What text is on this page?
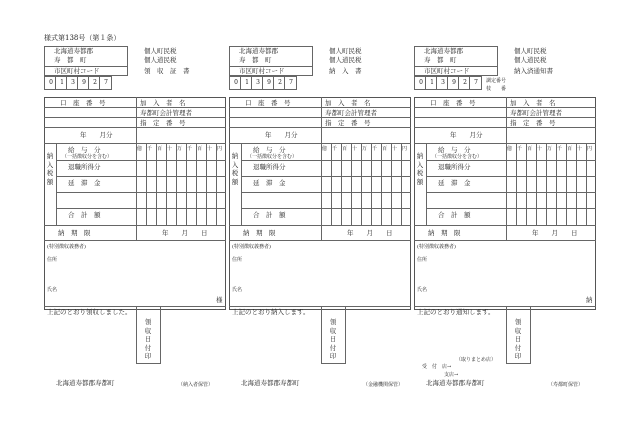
様式第138号（第１条）
北海道寿都郡
寿　都　町
市区町村コード
個人町民税
個人道民税
領　収　証　書
0	1	3	9	2	7
口　座　番　号	加　入　者　名
寿都町会計管理者
指　定　番　号
年　　月分
納入税額
億 千 百 十 万 千 百 十 円
給　与　分
（一括徴収分を含む）
退職所得分
延　滞　金
合　計　額
納　期　限	年　　月　　日
(特別徴収義務者)
住所
氏名
様
上記のとおり領収しました。
領収日付印
北海道寿都郡寿都町	（納入者保管）
北海道寿都郡
寿　都　町
市区町村コード
個人町民税
個人道民税
納　入　書
0	1	3	9	2	7
口　座　番　号	加　入　者　名
寿都町会計管理者
指　定　番　号
年　　月分
納入税額
億 千 百 十 万 千 百 十 円
給　与　分
（一括徴収分を含む）
退職所得分
延　滞　金
合　計　額
納　期　限	年　　月　　日
(特別徴収義務者)
住所
氏名
上記のとおり納入します。
領収日付印
北海道寿都郡寿都町	（金融機関保管）
北海道寿都郡
寿　都　町
市区町村コード
個人町民税
個人道民税
納入済通知書
調定番号
枝　　番
0	1	3	9	2	7
口　座　番　号	加　入　者　名
寿都町会計管理者
指　定　番　号
年　　月分
納入税額
億 千 百 十 万 千 百 十 円
給　与　分
（一括徴収分を含む）
退職所得分
延　滞　金
合　計　額
納　期　限	年　　月　　日
(特別徴収義務者)
住所
氏名
納
上記のとおり通知します。
領収日付印
（取りまとめ店）
受　付　店→
支店→
北海道寿都郡寿都町	（寿都町保管）
